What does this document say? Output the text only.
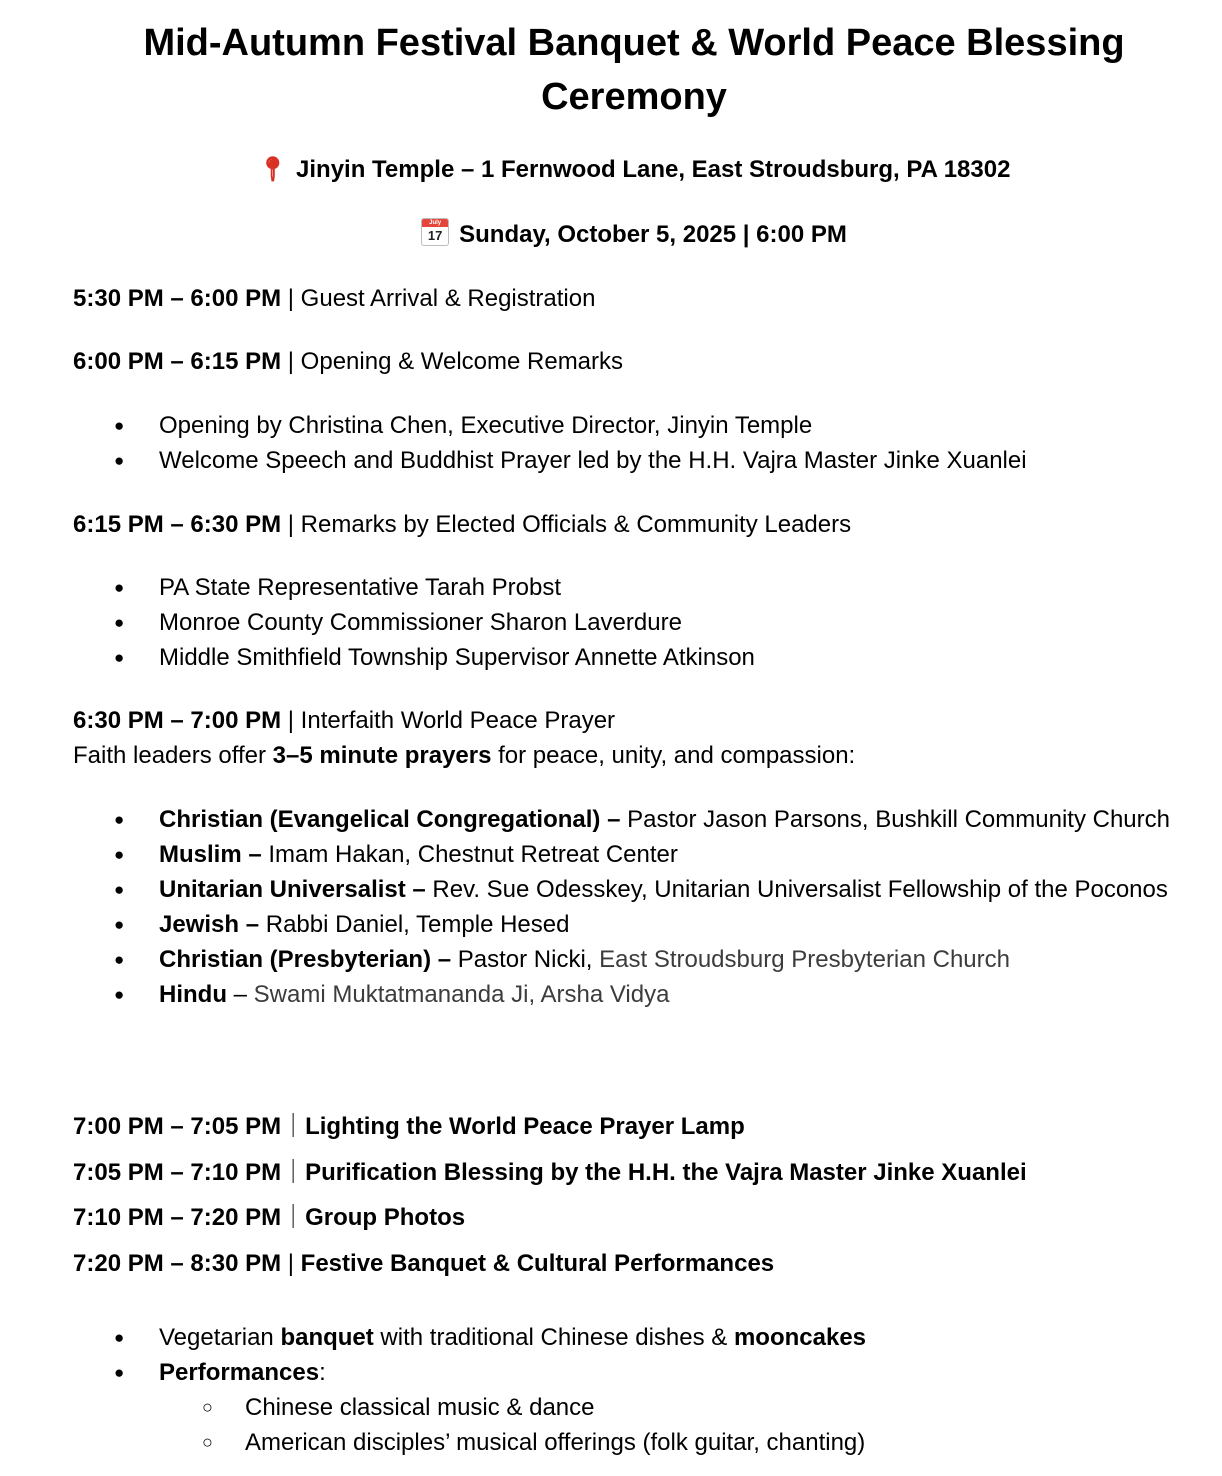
Mid-Autumn Festival Banquet & World Peace Blessing Ceremony
📍︎ Jinyin Temple – 1 Fernwood Lane, East Stroudsburg, PA 18302
July
17 Sunday, October 5, 2025 | 6:00 PM

5:30 PM – 6:00 PM | Guest Arrival & Registration

6:00 PM – 6:15 PM | Opening & Welcome Remarks

● Opening by Christina Chen, Executive Director, Jinyin Temple
● Welcome Speech and Buddhist Prayer led by the H.H. Vajra Master Jinke Xuanlei

6:15 PM – 6:30 PM | Remarks by Elected Officials & Community Leaders

● PA State Representative Tarah Probst
● Monroe County Commissioner Sharon Laverdure
● Middle Smithfield Township Supervisor Annette Atkinson

6:30 PM – 7:00 PM | Interfaith World Peace Prayer

Faith leaders offer 3–5 minute prayers for peace, unity, and compassion:

● Christian (Evangelical Congregational) – Pastor Jason Parsons, Bushkill Community Church
● Muslim – Imam Hakan, Chestnut Retreat Center
● Unitarian Universalist – Rev. Sue Odesskey, Unitarian Universalist Fellowship of the Poconos
● Jewish – Rabbi Daniel, Temple Hesed
● Christian (Presbyterian) – Pastor Nicki, East Stroudsburg Presbyterian Church
● Hindu – Swami Muktatmananda Ji, Arsha Vidya

7:00 PM – 7:05 PM｜Lighting the World Peace Prayer Lamp

7:05 PM – 7:10 PM｜Purification Blessing by the H.H. the Vajra Master Jinke Xuanlei

7:10 PM – 7:20 PM｜Group Photos

7:20 PM – 8:30 PM | Festive Banquet & Cultural Performances

● Vegetarian banquet with traditional Chinese dishes & mooncakes
● Performances:
○ Chinese classical music & dance
○ American disciples’ musical offerings (folk guitar, chanting)
